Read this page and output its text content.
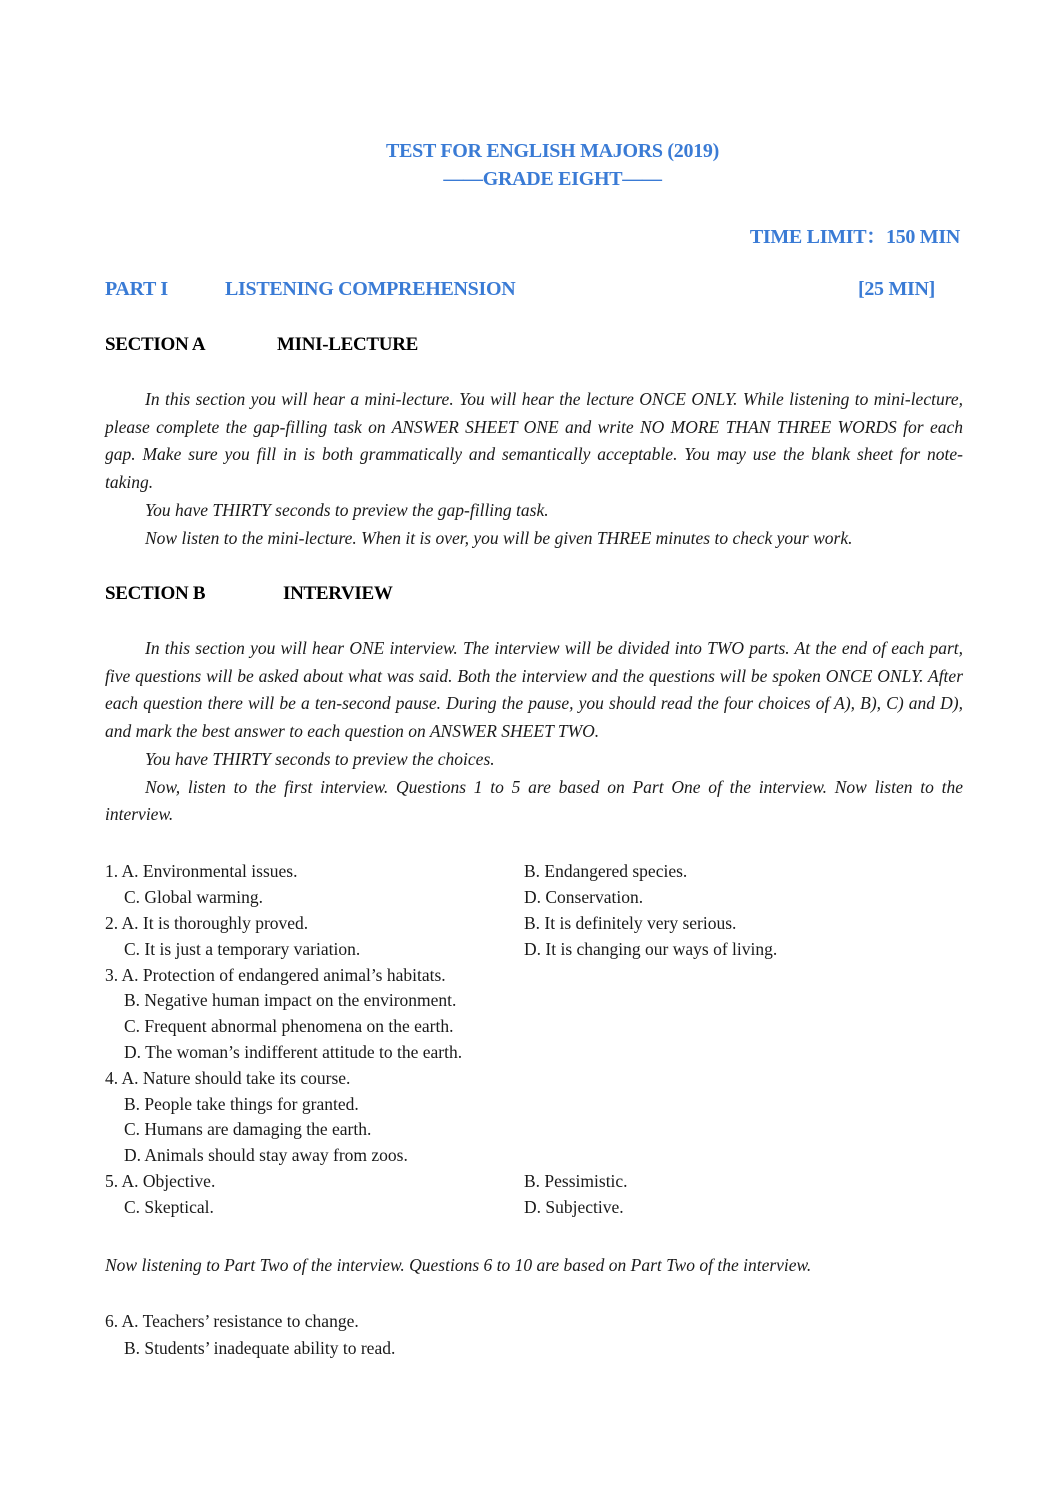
TEST FOR ENGLISH MAJORS (2019)
——GRADE EIGHT——
TIME LIMIT：150 MIN
PART I	LISTENING COMPREHENSION	[25 MIN]
SECTION A	MINI-LECTURE

In this section you will hear a mini-lecture. You will hear the lecture ONCE ONLY. While listening to mini-lecture, please complete the gap-filling task on ANSWER SHEET ONE and write NO MORE THAN THREE WORDS for each gap. Make sure you fill in is both grammatically and semantically acceptable. You may use the blank sheet for note-taking.

You have THIRTY seconds to preview the gap-filling task.

Now listen to the mini-lecture. When it is over, you will be given THREE minutes to check your work.

SECTION B	INTERVIEW

In this section you will hear ONE interview. The interview will be divided into TWO parts. At the end of each part, five questions will be asked about what was said. Both the interview and the questions will be spoken ONCE ONLY. After each question there will be a ten-second pause. During the pause, you should read the four choices of A), B), C) and D), and mark the best answer to each question on ANSWER SHEET TWO.

You have THIRTY seconds to preview the choices.

Now, listen to the first interview. Questions 1 to 5 are based on Part One of the interview. Now listen to the interview.

1. A. Environmental issues.	B. Endangered species.
C. Global warming.	D. Conservation.
2. A. It is thoroughly proved.	B. It is definitely very serious.
C. It is just a temporary variation.	D. It is changing our ways of living.
3. A. Protection of endangered animal’s habitats.
B. Negative human impact on the environment.
C. Frequent abnormal phenomena on the earth.
D. The woman’s indifferent attitude to the earth.
4. A. Nature should take its course.
B. People take things for granted.
C. Humans are damaging the earth.
D. Animals should stay away from zoos.
5. A. Objective.	B. Pessimistic.
C. Skeptical.	D. Subjective.
Now listening to Part Two of the interview. Questions 6 to 10 are based on Part Two of the interview.
6. A. Teachers’ resistance to change.
B. Students’ inadequate ability to read.
